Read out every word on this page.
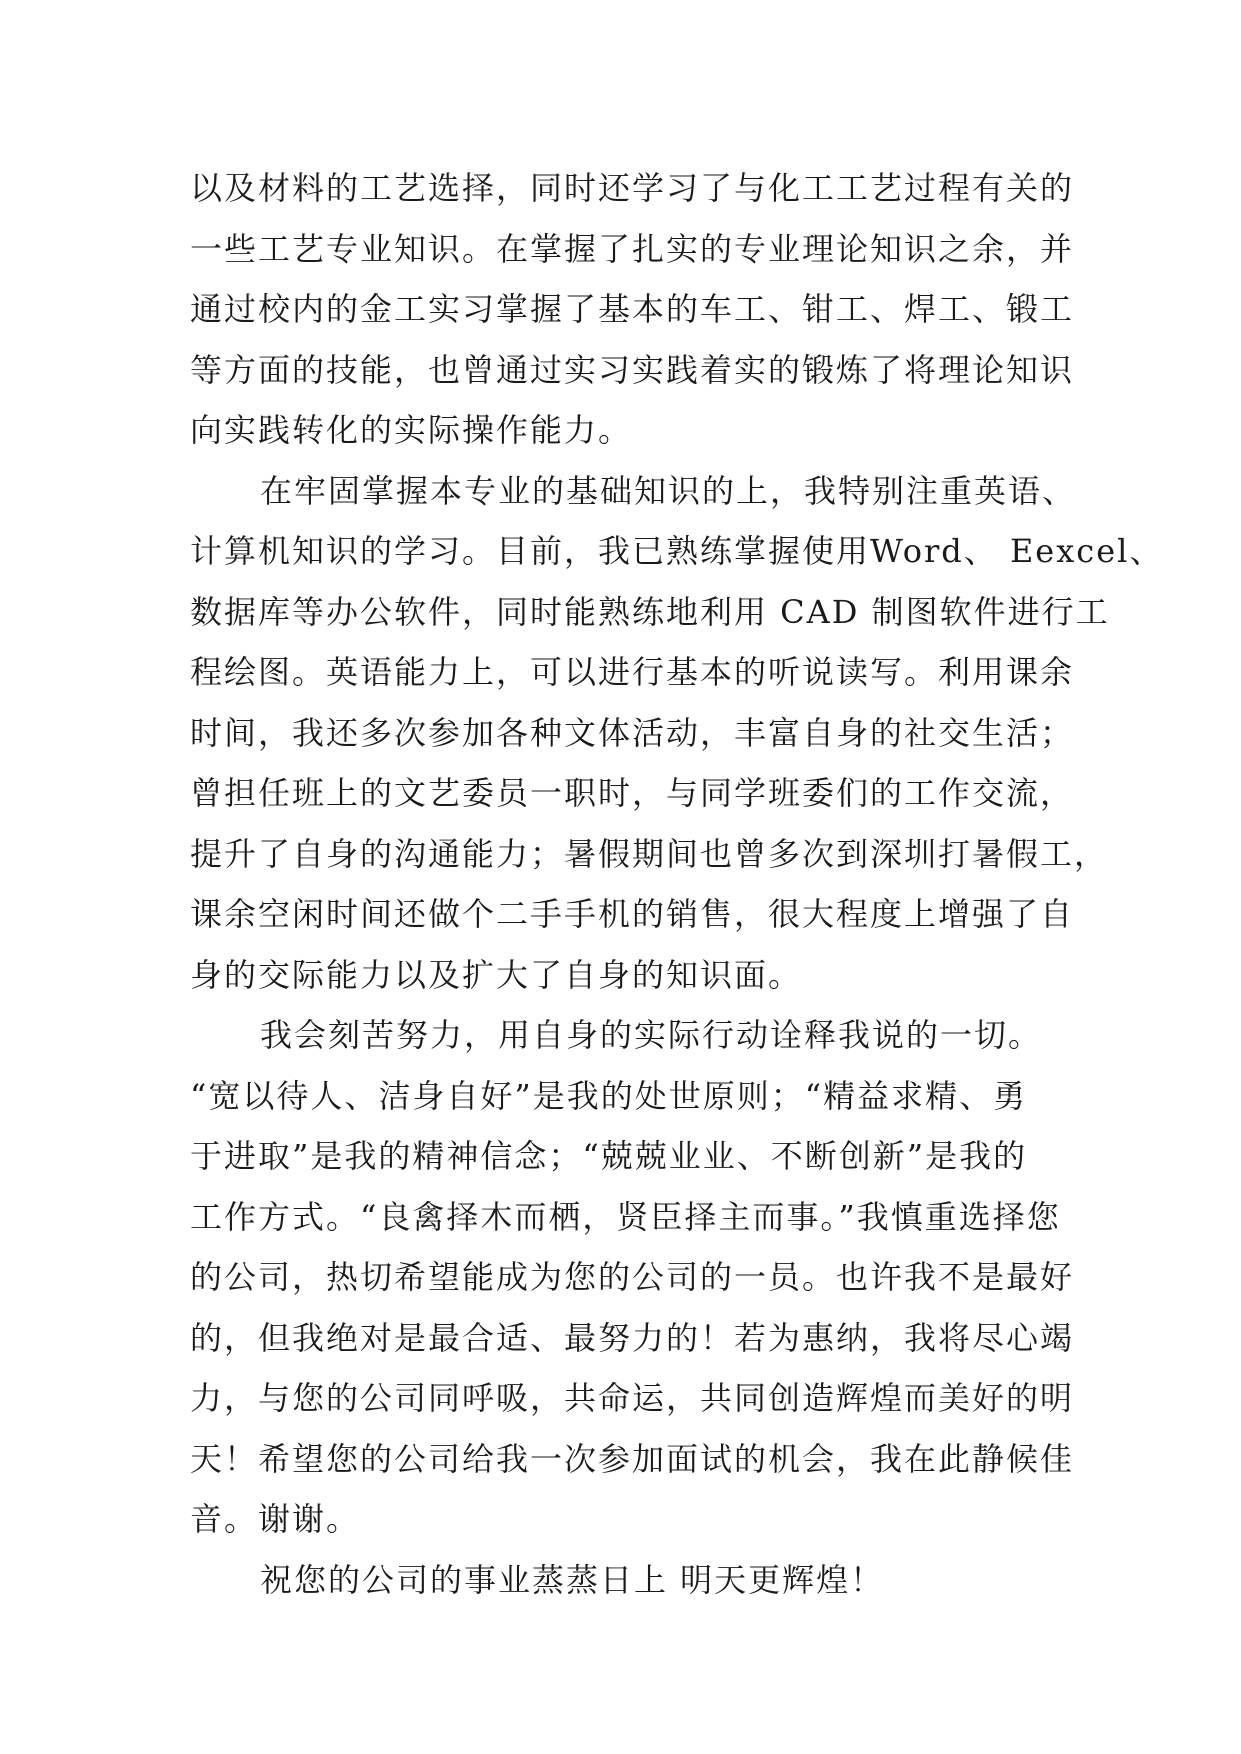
以及材料的工艺选择，同时还学习了与化工工艺过程有关的
一些工艺专业知识。在掌握了扎实的专业理论知识之余，并
通过校内的金工实习掌握了基本的车工、钳工、焊工、锻工
等方面的技能，也曾通过实习实践着实的锻炼了将理论知识
向实践转化的实际操作能力。
在牢固掌握本专业的基础知识的上，我特别注重英语、
计算机知识的学习。目前，我已熟练掌握使用Word、 Eexcel、
数据库等办公软件，同时能熟练地利用 CAD 制图软件进行工
程绘图。英语能力上，可以进行基本的听说读写。利用课余
时间，我还多次参加各种文体活动，丰富自身的社交生活；
曾担任班上的文艺委员一职时，与同学班委们的工作交流，
提升了自身的沟通能力；暑假期间也曾多次到深圳打暑假工，
课余空闲时间还做个二手手机的销售，很大程度上增强了自
身的交际能力以及扩大了自身的知识面。
我会刻苦努力，用自身的实际行动诠释我说的一切。
“宽以待人、洁身自好”是我的处世原则；“精益求精、勇
于进取”是我的精神信念；“兢兢业业、不断创新”是我的
工作方式。“良禽择木而栖，贤臣择主而事。”我慎重选择您
的公司，热切希望能成为您的公司的一员。也许我不是最好
的，但我绝对是最合适、最努力的！若为惠纳，我将尽心竭
力，与您的公司同呼吸，共命运，共同创造辉煌而美好的明
天！希望您的公司给我一次参加面试的机会，我在此静候佳
音。谢谢。
祝您的公司的事业蒸蒸日上 明天更辉煌！
